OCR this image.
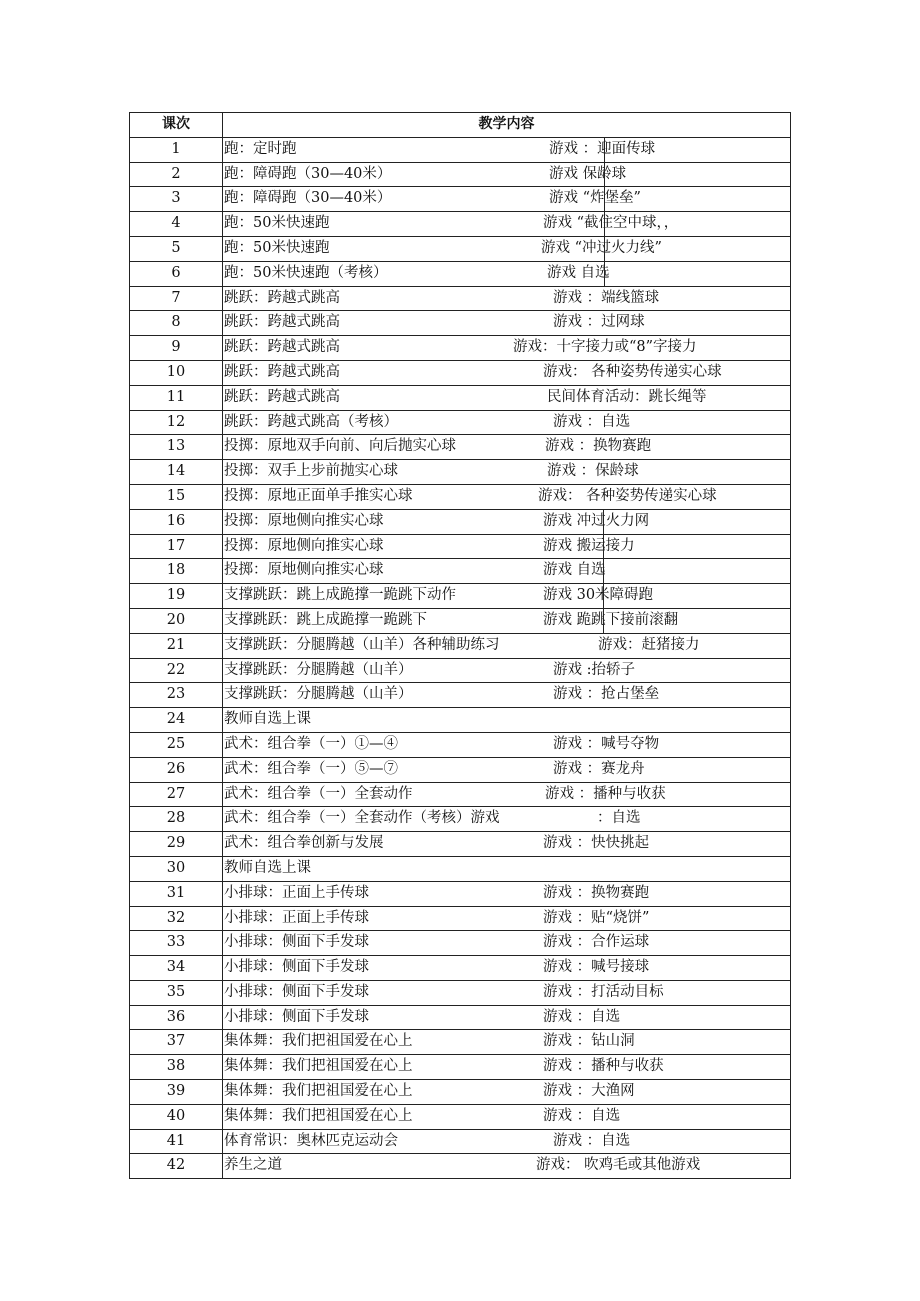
课次	教学内容
1	跑：定时跑 游戏 ：迎面传球

2	跑：障碍跑（30—40米） 游戏 保龄球

3	跑：障碍跑（30—40米） 游戏 “炸堡垒”

4	跑：50米快速跑 游戏 “截住空中球，，

5	跑：50米快速跑 游戏 “冲过火力线”

6	跑：50米快速跑（考核） 游戏 自选

7	跳跃：跨越式跳高 游戏 ：端线篮球

8	跳跃：跨越式跳高 游戏 ：过网球

9	跳跃：跨越式跳高 游戏：十字接力或“8”字接力

10	跳跃：跨越式跳高 游戏： 各种姿势传递实心球

11	跳跃：跨越式跳高 民间体育活动：跳长绳等

12	跳跃：跨越式跳高（考核） 游戏 ：自选

13	投掷：原地双手向前、向后抛实心球 游戏 ：换物赛跑

14	投掷：双手上步前抛实心球 游戏 ：保龄球

15	投掷：原地正面单手推实心球 游戏： 各种姿势传递实心球

16	投掷：原地侧向推实心球 游戏 冲过火力网

17	投掷：原地侧向推实心球 游戏 搬运接力

18	投掷：原地侧向推实心球 游戏 自选

19	支撑跳跃：跳上成跪撑一跪跳下动作 游戏 30米障碍跑

20	支撑跳跃：跳上成跪撑一跪跳下 游戏 跪跳下接前滚翻

21	支撑跳跃：分腿腾越（山羊）各种辅助练习 游戏：赶猪接力

22	支撑跳跃：分腿腾越（山羊） 游戏 :抬轿子

23	支撑跳跃：分腿腾越（山羊） 游戏 ：抢占堡垒

24	教师自选上课

25	武术：组合拳（一）①—④ 游戏 ：喊号夺物

26	武术：组合拳（一）⑤—⑦ 游戏 ：赛龙舟

27	武术：组合拳（一）全套动作 游戏 ：播种与收获

28	武术：组合拳（一）全套动作（考核）游戏 ：自选

29	武术：组合拳创新与发展 游戏 ：快快挑起

30	教师自选上课

31	小排球：正面上手传球 游戏 ：换物赛跑

32	小排球：正面上手传球 游戏 ：贴“烧饼”

33	小排球：侧面下手发球 游戏 ：合作运球

34	小排球：侧面下手发球 游戏 ：喊号接球

35	小排球：侧面下手发球 游戏 ：打活动目标

36	小排球：侧面下手发球 游戏 ：自选

37	集体舞：我们把祖国爱在心上 游戏 ：钻山洞

38	集体舞：我们把祖国爱在心上 游戏 ：播种与收获

39	集体舞：我们把祖国爱在心上 游戏 ：大渔网

40	集体舞：我们把祖国爱在心上 游戏 ：自选

41	体育常识：奥林匹克运动会 游戏 ：自选

42	养生之道 游戏： 吹鸡毛或其他游戏
